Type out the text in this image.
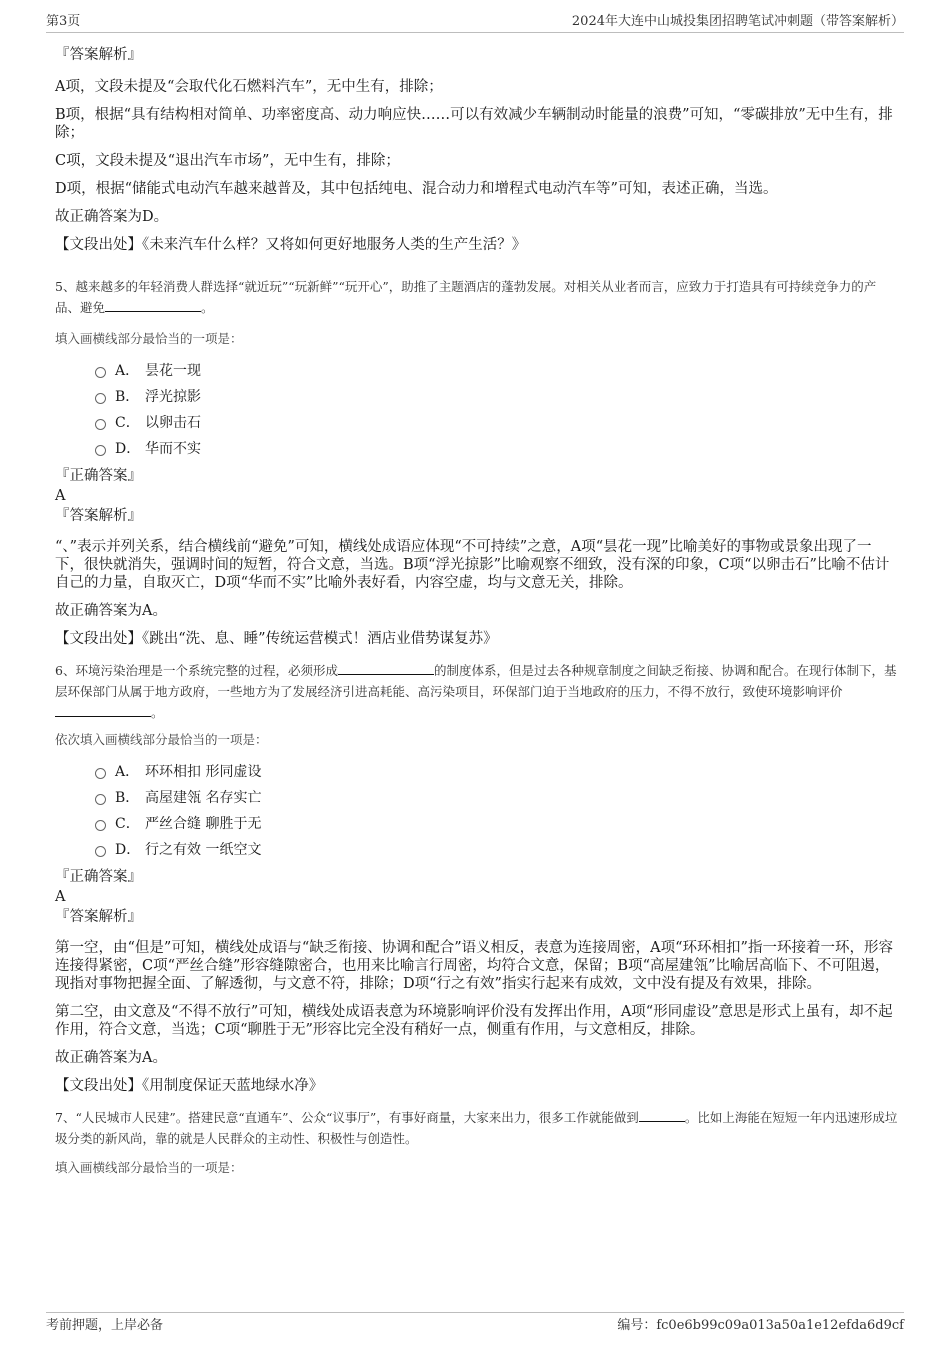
第3页	2024年大连中山城投集团招聘笔试冲刺题（带答案解析）

『答案解析』

A项，文段未提及“会取代化石燃料汽车”，无中生有，排除；

B项，根据“具有结构相对简单、功率密度高、动力响应快……可以有效减少车辆制动时能量的浪费”可知，“零碳排放”无中生有，排除；

C项，文段未提及“退出汽车市场”，无中生有，排除；

D项，根据“储能式电动汽车越来越普及，其中包括纯电、混合动力和增程式电动汽车等”可知，表述正确，当选。

故正确答案为D。

【文段出处】《未来汽车什么样？又将如何更好地服务人类的生产生活？》

5、越来越多的年轻消费人群选择“就近玩”“玩新鲜”“玩开心”，助推了主题酒店的蓬勃发展。对相关从业者而言，应致力于打造具有可持续竞争力的产品、避免	。

填入画横线部分最恰当的一项是：

A． 昙花一现
B． 浮光掠影
C． 以卵击石
D． 华而不实

『正确答案』

A

『答案解析』

“、”表示并列关系，结合横线前“避免”可知，横线处成语应体现“不可持续”之意，A项“昙花一现”比喻美好的事物或景象出现了一下，很快就消失，强调时间的短暂，符合文意，当选。B项“浮光掠影”比喻观察不细致，没有深的印象，C项“以卵击石”比喻不估计自己的力量，自取灭亡，D项“华而不实”比喻外表好看，内容空虚，均与文意无关，排除。

故正确答案为A。

【文段出处】《跳出“洗、息、睡”传统运营模式！酒店业借势谋复苏》

6、环境污染治理是一个系统完整的过程，必须形成	的制度体系，但是过去各种规章制度之间缺乏衔接、协调和配合。在现行体制下，基层环保部门从属于地方政府，一些地方为了发展经济引进高耗能、高污染项目，环保部门迫于当地政府的压力，不得不放行，致使环境影响评价。

依次填入画横线部分最恰当的一项是：

A． 环环相扣 形同虚设
B． 高屋建瓴 名存实亡
C． 严丝合缝 聊胜于无
D． 行之有效 一纸空文

『正确答案』

A

『答案解析』

第一空，由“但是”可知，横线处成语与“缺乏衔接、协调和配合”语义相反，表意为连接周密，A项“环环相扣”指一环接着一环，形容连接得紧密，C项“严丝合缝”形容缝隙密合，也用来比喻言行周密，均符合文意，保留；B项“高屋建瓴”比喻居高临下、不可阻遏，现指对事物把握全面、了解透彻，与文意不符，排除；D项“行之有效”指实行起来有成效，文中没有提及有效果，排除。

第二空，由文意及“不得不放行”可知，横线处成语表意为环境影响评价没有发挥出作用，A项“形同虚设”意思是形式上虽有，却不起作用，符合文意，当选；C项“聊胜于无”形容比完全没有稍好一点，侧重有作用，与文意相反，排除。

故正确答案为A。

【文段出处】《用制度保证天蓝地绿水净》

7、“人民城市人民建”。搭建民意“直通车”、公众“议事厅”，有事好商量，大家来出力，很多工作就能做到	。比如上海能在短短一年内迅速形成垃圾分类的新风尚，靠的就是人民群众的主动性、积极性与创造性。

填入画横线部分最恰当的一项是：

考前押题，上岸必备	编号：fc0e6b99c09a013a50a1e12efda6d9cf
